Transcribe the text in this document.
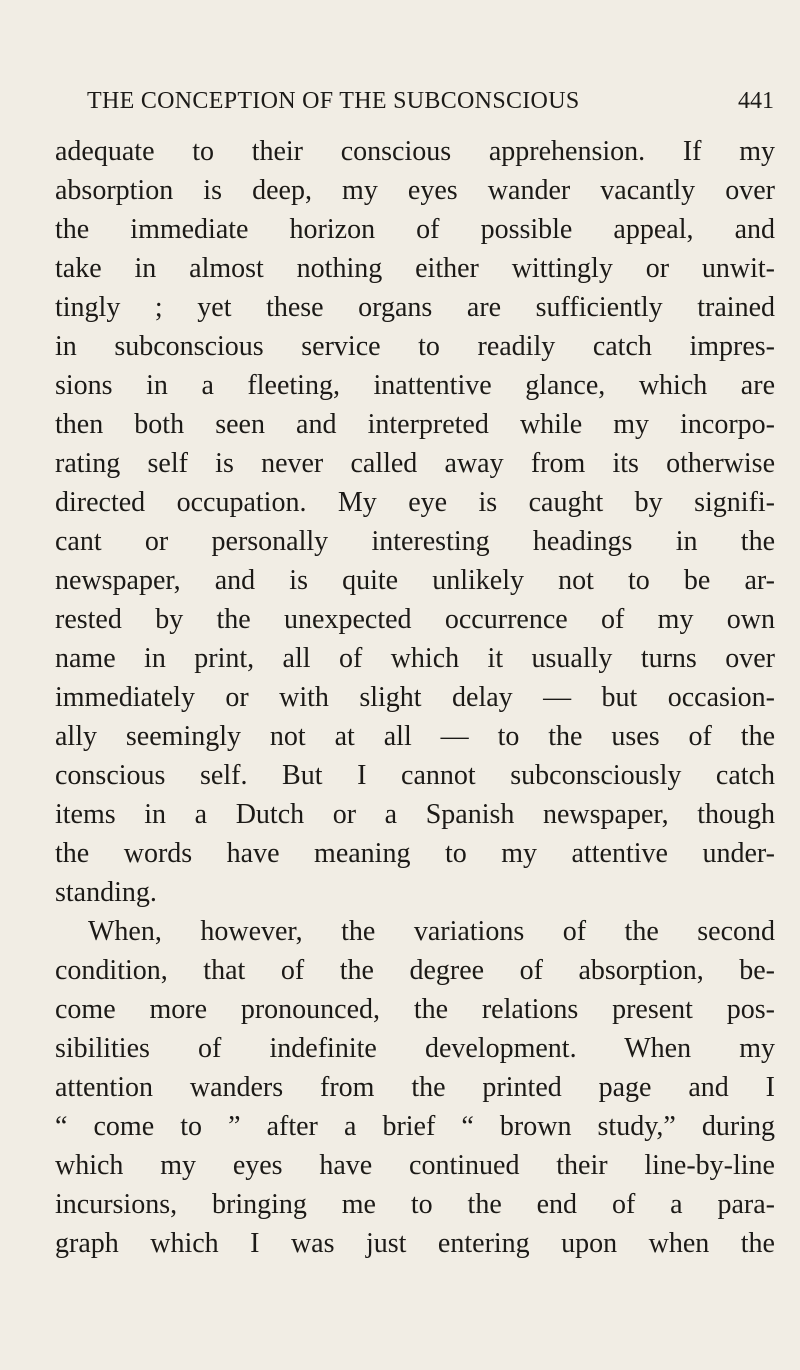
THE CONCEPTION OF THE SUBCONSCIOUS	441
adequate to their conscious apprehension. If my
absorption is deep, my eyes wander vacantly over
the immediate horizon of possible appeal, and
take in almost nothing either wittingly or unwit-
tingly ; yet these organs are sufficiently trained
in subconscious service to readily catch impres-
sions in a fleeting, inattentive glance, which are
then both seen and interpreted while my incorpo-
rating self is never called away from its otherwise
directed occupation. My eye is caught by signifi-
cant or personally interesting headings in the
newspaper, and is quite unlikely not to be ar-
rested by the unexpected occurrence of my own
name in print, all of which it usually turns over
immediately or with slight delay — but occasion-
ally seemingly not at all — to the uses of the
conscious self. But I cannot subconsciously catch
items in a Dutch or a Spanish newspaper, though
the words have meaning to my attentive under-
standing.
When, however, the variations of the second
condition, that of the degree of absorption, be-
come more pronounced, the relations present pos-
sibilities of indefinite development. When my
attention wanders from the printed page and I
“ come to ” after a brief “ brown study,” during
which my eyes have continued their line-by-line
incursions, bringing me to the end of a para-
graph which I was just entering upon when the
